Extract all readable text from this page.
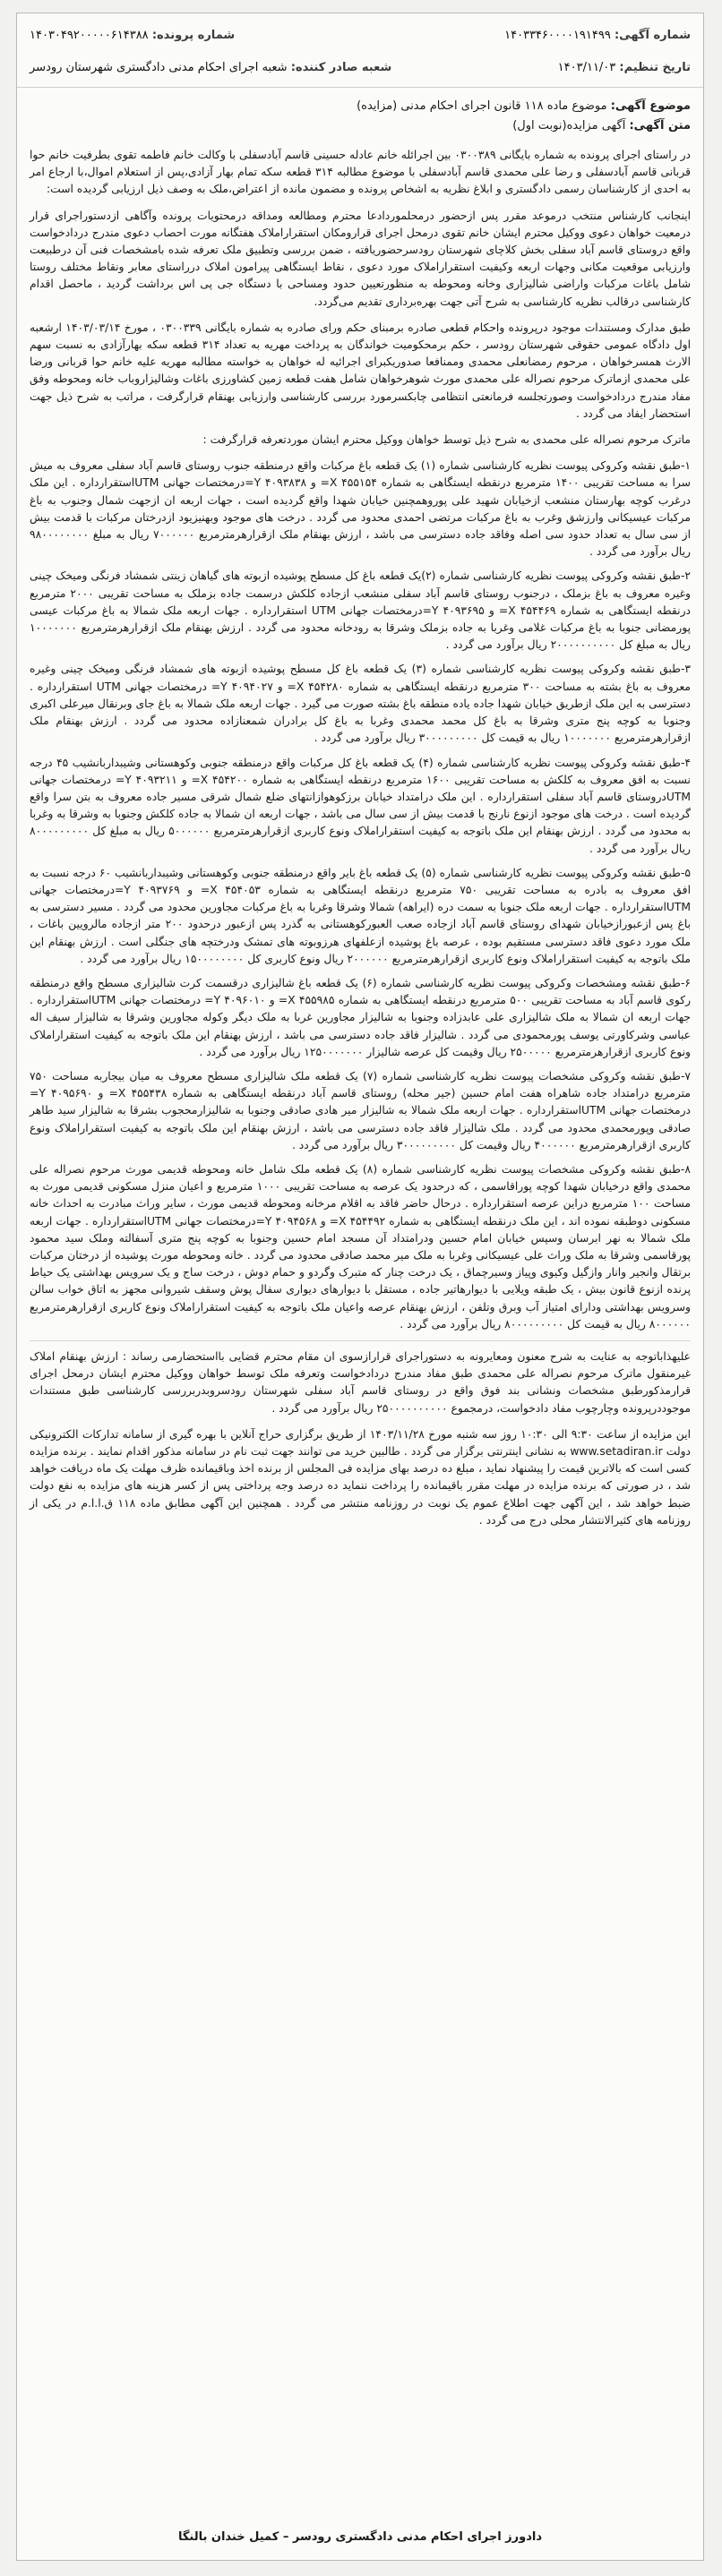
شماره آگهی: ۱۴۰۳۳۴۶۰۰۰۰۱۹۱۴۹۹
شماره پرونده: ۱۴۰۳۰۴۹۲۰۰۰۰۰۶۱۴۳۸۸
تاریخ تنظیم: ۱۴۰۳/۱۱/۰۳
شعبه صادر کننده: شعبه اجرای احکام مدنی دادگستری شهرستان رودسر
موضوع آگهی: موضوع ماده ۱۱۸ قانون اجرای احکام مدنی (مزایده)
متن آگهی: آگهی مزایده(نوبت اول)

در راستای اجرای پرونده به شماره بایگانی ۰۳۰۰۳۸۹ بین اجرائله خانم عادله حسینی قاسم آبادسفلی با وکالت خانم فاطمه تقوی بطرفیت خانم حوا قربانی قاسم آبادسفلی و رضا علی محمدی قاسم آبادسفلی با موضوع مطالبه ۳۱۴ قطعه سکه تمام بهار آزادی،پس از استعلام اموال،با ارجاع امر به احدی از کارشناسان رسمی دادگستری و ابلاغ نظریه به اشخاص پرونده و مضمون مانده از اعتراض،ملک به وصف ذیل ارزیابی گردیده است:

اینجانب کارشناس منتخب درموعد مقرر پس ازحضور درمحلموردادعا محترم ومطالعه ومداقه درمحتویات پرونده وآگاهی ازدستوراجرای قرار درمعیت خواهان دعوی ووکیل محترم ایشان خانم تقوی درمحل اجرای قرارومکان استقراراملاک هفتگانه مورت احصاب دعوی مندرج دردادخواست واقع دروستای قاسم آباد سفلی بخش کلاچای شهرستان رودسرحضوریافته ، ضمن بررسی وتطبیق ملک تعرفه شده بامشخصات فنی آن درطبیعت وارزیابی موقعیت مکانی وجهات اربعه وکیفیت استقراراملاک مورد دعوی ، نقاط ایستگاهی پیرامون املاک درراستای معابر ونقاط مختلف روستا شامل باغات مرکبات واراضی شالیزاری وخانه ومحوطه به منظورتعیین حدود ومساحی با دستگاه جی پی اس برداشت گردید ، ماحصل اقدام کارشناسی درقالب نظریه کارشناسی به شرح آتی جهت بهره‌برداری تقدیم می‌گردد.

طبق مدارک ومستندات موجود درپرونده واحکام قطعی صادره برمبنای حکم ورای صادره به شماره بایگانی ۰۳۰۰۳۳۹ ، مورخ ۱۴۰۳/۰۳/۱۴ ارشعبه اول دادگاه عمومی حقوقی شهرستان رودسر ، حکم برمحکومیت خواندگان به پرداخت مهریه به تعداد ۳۱۴ قطعه سکه بهارآزادی به نسبت سهم الارث همسرخواهان ، مرحوم رمضانعلی محمدی وممنافعا صدوریکبرای اجرائیه له خواهان به خواسته مطالبه مهریه علیه خانم حوا قربانی ورضا علی محمدی ازماترک مرحوم نصراله علی محمدی مورث شوهرخواهان شامل هفت قطعه زمین کشاورزی باغات وشالیزاروباب خانه ومحوطه وفق مفاد مندرج دردادخواست وصورتجلسه فرمانعتی انتظامی چابکسرمورد بررسی کارشناسی وارزیابی بهنقام قرارگرفت ، مراتب به شرح ذیل جهت استحضار ایفاد می گردد .

ماترک مرحوم نصراله علی محمدی به شرح ذیل توسط خواهان ووکیل محترم ایشان موردتعرفه قرارگرفت :

۱-طبق نقشه وکروکی پیوست نظریه کارشناسی شماره (۱) یک قطعه باغ مرکبات واقع درمنطقه جنوب روستای قاسم آباد سفلی معروف به میش سرا به مساحت تقریبی ۱۴۰۰ مترمربع درنقطه ایستگاهی به شماره ۴۵۵۱۵۴ X= و ۴۰۹۳۸۳۸ Y=درمختصات جهانی UTMاستقرارداره . این ملک درغرب کوچه بهارستان منشعب ازخیابان شهید علی پوروهمچنین خیابان شهدا واقع گردیده است ، جهات اربعه ان ازجهت شمال وجنوب به باغ مرکبات عیسیکانی وارزشق وغرب به باغ مرکبات مرتضی احمدی محدود می گردد . درخت های موجود وبهنیزیود ازدرختان مرکبات با قدمت بیش از سی سال به تعداد حدود سی اصله وفاقد جاده دسترسی می باشد ، ارزش بهنقام ملک ازقرارهرمترمربع ۷۰۰۰۰۰۰ ریال به مبلغ ۹۸۰۰۰۰۰۰۰۰ ریال برآورد می گردد .

۲-طبق نقشه وکروکی پیوست نظریه کارشناسی شماره (۲)یک قطعه باغ کل مسطح پوشیده ازبوته های گیاهان زینتی شمشاد فرنگی ومیخک چینی وغیره معروف به باغ بزملک ، درجنوب روستای قاسم آباد سفلی منشعب ازجاده کلکش درسمت جاده بزملک به مساحت تقریبی ۲۰۰۰ مترمربع درنقطه ایستگاهی به شماره ۴۵۴۴۶۹ X= و ۴۰۹۳۶۹۵ Y=درمختصات جهانی UTM استقرارداره . جهات اربعه ملک شمالا به باغ مرکبات عیسی پورمضانی جنوبا به باغ مرکبات غلامی وغربا به جاده بزملک وشرقا به رودخانه محدود می گردد . ارزش بهنقام ملک ازقرارهرمترمربع ۱۰۰۰۰۰۰۰ ریال به مبلغ کل ۲۰۰۰۰۰۰۰۰۰۰ ریال برآورد می گردد .

۳-طبق نقشه وکروکی پیوست نظریه کارشناسی شماره (۳) یک قطعه باغ کل مسطح پوشیده ازبوته های شمشاد فرنگی ومیخک چینی وغیره معروف به باغ بشته به مساحت ۳۰۰ مترمربع درنقطه ایستگاهی به شماره ۴۵۴۲۸۰ X= و ۴۰۹۴۰۲۷ Y= درمختصات جهانی UTM استقرارداره . دسترسی به این ملک ازطریق خیابان شهدا جاده یاده منطقه باغ بشته صورت می گیرد . جهات اربعه ملک شمالا به باغ جای وبرنقال میرعلی اکبری وجنوبا به کوچه پنج متری وشرقا به باغ کل محمد محمدی وغربا به باغ کل برادران شمعنازاده محدود می گردد . ارزش بهنقام ملک ازقرارهرمترمربع ۱۰۰۰۰۰۰۰ ریال به قیمت کل ۳۰۰۰۰۰۰۰۰۰ ریال برآورد می گردد .

۴-طبق نقشه وکروکی پیوست نظریه کارشناسی شماره (۴) یک قطعه باغ کل مرکبات واقع درمنطقه جنوبی وکوهستانی وشیبداربانشیب ۴۵ درجه نسبت به افق معروف به کلکش به مساحت تقریبی ۱۶۰۰ مترمربع درنقطه ایستگاهی به شماره ۴۵۴۲۰۰ X= و ۴۰۹۳۲۱۱ Y= درمختصات جهانی UTMدروستای قاسم آباد سفلی استقرارداره . این ملک درامتداد خیابان برزکوهوازانتهای ضلع شمال شرقی مسیر جاده معروف به بتن سرا واقع گردیده است . درخت های موجود ازنوع نارنج با قدمت بیش از سی سال می باشد ، جهات اربعه ان شمالا به جاده کلکش وجنوبا به وشرقا به وغربا به محدود می گردد . ارزش بهنقام این ملک باتوجه به کیفیت استقراراملاک ونوع کاربری ازقرارهرمترمربع ۵۰۰۰۰۰۰ ریال به مبلغ کل ۸۰۰۰۰۰۰۰۰۰ ریال برآورد می گردد .

۵-طبق نقشه وکروکی پیوست نظریه کارشناسی شماره (۵) یک قطعه باغ بایر واقع درمنطقه جنوبی وکوهستانی وشیبداربانشیب ۶۰ درجه نسبت به افق معروف به بادره به مساحت تقریبی ۷۵۰ مترمربع درنقطه ایستگاهی به شماره ۴۵۴۰۵۳ X= و ۴۰۹۳۷۶۹ Y=درمختصات جهانی UTMاستقرارداره . جهات اربعه ملک جنوبا به سمت دره (ایراهه) شمالا وشرقا وغربا به باغ مرکبات مجاورین محدود می گردد . مسیر دسترسی به باغ پس ازعبورازخیابان شهدای روستای قاسم آباد ازجاده صعب العبورکوهستانی به گذرد پس ازعبور درحدود ۲۰۰ متر ازجاده مالرویین باغات ، ملک مورد دعوی فاقد دسترسی مستقیم بوده ، عرصه باغ پوشیده ازعلفهای هرزوبوته های تمشک ودرختچه های جنگلی است . ارزش بهنقام این ملک باتوجه به کیفیت استقراراملاک ونوع کاربری ازقرارهرمترمربع ۲۰۰۰۰۰۰ ریال ونوع کاربری کل ۱۵۰۰۰۰۰۰۰۰ ریال برآورد می گردد .

۶-طبق نقشه ومشخصات وکروکی پیوست نظریه کارشناسی شماره (۶) یک قطعه باغ شالیزاری درقسمت کرت شالیزاری مسطح واقع درمنطقه رکوی قاسم آباد به مساحت تقریبی ۵۰۰ مترمربع درنقطه ایستگاهی به شماره ۴۵۵۹۸۵ X= و ۴۰۹۶۰۱۰ Y= درمختصات جهانی UTMاستقرارداره . جهات اربعه ان شمالا به ملک شالیزاری علی عابدزاده وجنوبا به شالیزار مجاورین غربا به ملک دیگر وکوله مجاورین وشرقا به شالیزار سیف اله عباسی وشرکاورتی یوسف پورمحمودی می گردد . شالیزار فاقد جاده دسترسی می باشد ، ارزش بهنقام این ملک باتوجه به کیفیت استقراراملاک ونوع کاربری ازقرارهرمترمربع ۲۵۰۰۰۰۰ ریال وقیمت کل عرصه شالیزار ۱۲۵۰۰۰۰۰۰۰ ریال برآورد می گردد .

۷-طبق نقشه وکروکی مشخصات پیوست نظریه کارشناسی شماره (۷) یک قطعه ملک شالیزاری مسطح معروف به میان بیجاربه مساحت ۷۵۰ مترمربع درامتداد جاده شاهراه هفت امام حسین (جیر محله) روستای قاسم آباد درنقطه ایستگاهی به شماره ۴۵۵۴۳۸ X= و ۴۰۹۵۶۹۰ Y= درمختصات جهانی UTMاستقرارداره . جهات اربعه ملک شمالا به شالیزار میر هادی صادقی وجنوبا به شالیزارمحجوب بشرقا به شالیزار سید طاهر صادقی وپورمحمدی محدود می گردد . ملک شالیزار فاقد جاده دسترسی می باشد ، ارزش بهنقام این ملک باتوجه به کیفیت استقراراملاک ونوع کاربری ازقرارهرمترمربع ۴۰۰۰۰۰۰ ریال وقیمت کل ۳۰۰۰۰۰۰۰۰۰ ریال برآورد می گردد .

۸-طبق نقشه وکروکی مشخصات پیوست نظریه کارشناسی شماره (۸) یک قطعه ملک شامل خانه ومحوطه قدیمی مورث مرحوم نصراله علی محمدی واقع درخیابان شهدا کوچه پوراقاسمی ، که درحدود یک عرصه به مساحت تقریبی ۱۰۰۰ مترمربع و اعیان منزل مسکونی قدیمی مورث به مساحت ۱۰۰ مترمربع دراین عرصه استقرارداره . درحال حاضر فاقد به اقلام مرخانه ومحوطه قدیمی مورث ، سایر وراث مبادرت به احداث خانه مسکونی دوطبقه نموده اند ، این ملک درنقطه ایستگاهی به شماره ۴۵۴۴۹۲ X= و ۴۰۹۴۵۶۸ Y=درمختصات جهانی UTMاستقرارداره . جهات اربعه ملک شمالا به نهر ابرسان وسپس خیابان امام حسین ودرامتداد آن مسجد امام حسین وجنوبا به کوچه پنج متری آسفالته وملک سید محمود پورقاسمی وشرقا به ملک وراث علی عیسیکانی وغربا به ملک میر محمد صادقی محدود می گردد . خانه ومحوطه مورث پوشیده از درختان مرکبات برتقال وانجیر وانار وازگیل وکیوی وپیاز وسیرچماق ، یک درخت چنار که متبرک وگردو و حمام دوش ، درخت ساج و یک سرویس بهداشتی یک حیاط پرنده ازنوع قانون بیش ، یک طبقه ویلایی با دیوارهاتیر جاده ، مستقل با دیوارهای دیواری سفال پوش وسقف شیروانی مجهز به اتاق خواب سالن وسرویس بهداشتی ودارای امتیاز آب وبرق وتلفن ، ارزش بهنقام عرصه واعیان ملک باتوجه به کیفیت استقراراملاک ونوع کاربری ازقرارهرمترمربع ۸۰۰۰۰۰۰ ریال به قیمت کل ۸۰۰۰۰۰۰۰۰۰ ریال برآورد می گردد .

علیهذاباتوجه به عنایت به شرح معنون ومعایرونه به دستوراجرای قرارازسوی ان مقام محترم قضایی بااستحضارمی رساند : ارزش بهنقام املاک غیرمنقول ماترک مرحوم نصراله علی محمدی طبق مفاد مندرج دردادخواست وتعرفه ملک توسط خواهان ووکیل محترم ایشان درمحل اجرای قرارمذکورطبق مشخصات ونشانی بند فوق واقع در روستای قاسم آباد سفلی شهرستان رودسروبدربررسی کارشناسی طبق مستندات موجوددرپرونده وچارچوب مفاد دادخواست، درمجموع ۲۵۰۰۰۰۰۰۰۰۰۰ ریال برآورد می گردد .

این مزایده از ساعت ۹:۳۰ الی ۱۰:۳۰ روز سه شنبه مورخ ۱۴۰۳/۱۱/۲۸ از طریق برگزاری حراج آنلاین با بهره گیری از سامانه تدارکات الکترونیکی دولت www.setadiran.ir به نشانی اینترنتی برگزار می گردد . طالبین خرید می توانند جهت ثبت نام در سامانه مذکور اقدام نمایند . برنده مزایده کسی است که بالاترین قیمت را پیشنهاد نماید ، مبلغ ده درصد بهای مزایده فی المجلس از برنده اخذ وباقیمانده ظرف مهلت یک ماه دریافت خواهد شد ، در صورتی که برنده مزایده در مهلت مقرر باقیمانده را پرداخت ننماید ده درصد وجه پرداختی پس از کسر هزینه های مزایده به نفع دولت ضبط خواهد شد ، این آگهی جهت اطلاع عموم یک نوبت در روزنامه منتشر می گردد . همچنین این آگهی مطابق ماده ۱۱۸ ق.ا.ا.م در یکی از روزنامه های کثیرالانتشار محلی درج می گردد .

دادورز اجرای احکام مدنی دادگستری رودسر – کمیل خندان بالنگا
